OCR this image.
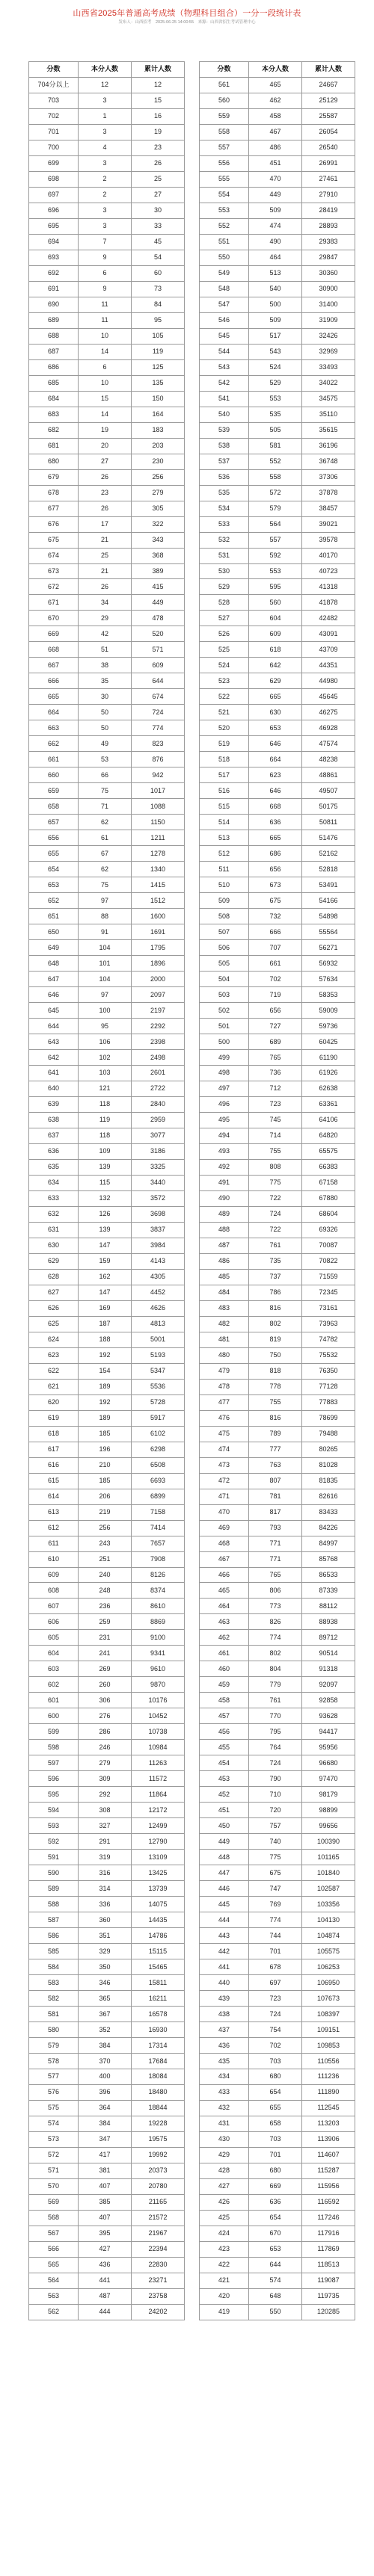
山西省2025年普通高考成绩（物理科目组合）一分一段统计表
发布人：山西招考 2025-06-25 14:00:55 来源：山西省招生考试管理中心
分数	本分人数	累计人数
704分以上	12	12
703	3	15
702	1	16
701	3	19
700	4	23
699	3	26
698	2	25
697	2	27
696	3	30
695	3	33
694	7	45
693	9	54
692	6	60
691	9	73
690	11	84
689	11	95
688	10	105
687	14	119
686	6	125
685	10	135
684	15	150
683	14	164
682	19	183
681	20	203
680	27	230
679	26	256
678	23	279
677	26	305
676	17	322
675	21	343
674	25	368
673	21	389
672	26	415
671	34	449
670	29	478
669	42	520
668	51	571
667	38	609
666	35	644
665	30	674
664	50	724
663	50	774
662	49	823
661	53	876
660	66	942
659	75	1017
658	71	1088
657	62	1150
656	61	1211
655	67	1278
654	62	1340
653	75	1415
652	97	1512
651	88	1600
650	91	1691
649	104	1795
648	101	1896
647	104	2000
646	97	2097
645	100	2197
644	95	2292
643	106	2398
642	102	2498
641	103	2601
640	121	2722
639	118	2840
638	119	2959
637	118	3077
636	109	3186
635	139	3325
634	115	3440
633	132	3572
632	126	3698
631	139	3837
630	147	3984
629	159	4143
628	162	4305
627	147	4452
626	169	4626
625	187	4813
624	188	5001
623	192	5193
622	154	5347
621	189	5536
620	192	5728
619	189	5917
618	185	6102
617	196	6298
616	210	6508
615	185	6693
614	206	6899
613	219	7158
612	256	7414
611	243	7657
610	251	7908
609	240	8126
608	248	8374
607	236	8610
606	259	8869
605	231	9100
604	241	9341
603	269	9610
602	260	9870
601	306	10176
600	276	10452
599	286	10738
598	246	10984
597	279	11263
596	309	11572
595	292	11864
594	308	12172
593	327	12499
592	291	12790
591	319	13109
590	316	13425
589	314	13739
588	336	14075
587	360	14435
586	351	14786
585	329	15115
584	350	15465
583	346	15811
582	365	16211
581	367	16578
580	352	16930
579	384	17314
578	370	17684
577	400	18084
576	396	18480
575	364	18844
574	384	19228
573	347	19575
572	417	19992
571	381	20373
570	407	20780
569	385	21165
568	407	21572
567	395	21967
566	427	22394
565	436	22830
564	441	23271
563	487	23758
562	444	24202
分数	本分人数	累计人数
561	465	24667
560	462	25129
559	458	25587
558	467	26054
557	486	26540
556	451	26991
555	470	27461
554	449	27910
553	509	28419
552	474	28893
551	490	29383
550	464	29847
549	513	30360
548	540	30900
547	500	31400
546	509	31909
545	517	32426
544	543	32969
543	524	33493
542	529	34022
541	553	34575
540	535	35110
539	505	35615
538	581	36196
537	552	36748
536	558	37306
535	572	37878
534	579	38457
533	564	39021
532	557	39578
531	592	40170
530	553	40723
529	595	41318
528	560	41878
527	604	42482
526	609	43091
525	618	43709
524	642	44351
523	629	44980
522	665	45645
521	630	46275
520	653	46928
519	646	47574
518	664	48238
517	623	48861
516	646	49507
515	668	50175
514	636	50811
513	665	51476
512	686	52162
511	656	52818
510	673	53491
509	675	54166
508	732	54898
507	666	55564
506	707	56271
505	661	56932
504	702	57634
503	719	58353
502	656	59009
501	727	59736
500	689	60425
499	765	61190
498	736	61926
497	712	62638
496	723	63361
495	745	64106
494	714	64820
493	755	65575
492	808	66383
491	775	67158
490	722	67880
489	724	68604
488	722	69326
487	761	70087
486	735	70822
485	737	71559
484	786	72345
483	816	73161
482	802	73963
481	819	74782
480	750	75532
479	818	76350
478	778	77128
477	755	77883
476	816	78699
475	789	79488
474	777	80265
473	763	81028
472	807	81835
471	781	82616
470	817	83433
469	793	84226
468	771	84997
467	771	85768
466	765	86533
465	806	87339
464	773	88112
463	826	88938
462	774	89712
461	802	90514
460	804	91318
459	779	92097
458	761	92858
457	770	93628
456	795	94417
455	764	95956
454	724	96680
453	790	97470
452	710	98179
451	720	98899
450	757	99656
449	740	100390
448	775	101165
447	675	101840
446	747	102587
445	769	103356
444	774	104130
443	744	104874
442	701	105575
441	678	106253
440	697	106950
439	723	107673
438	724	108397
437	754	109151
436	702	109853
435	703	110556
434	680	111236
433	654	111890
432	655	112545
431	658	113203
430	703	113906
429	701	114607
428	680	115287
427	669	115956
426	636	116592
425	654	117246
424	670	117916
423	653	117869
422	644	118513
421	574	119087
420	648	119735
419	550	120285
